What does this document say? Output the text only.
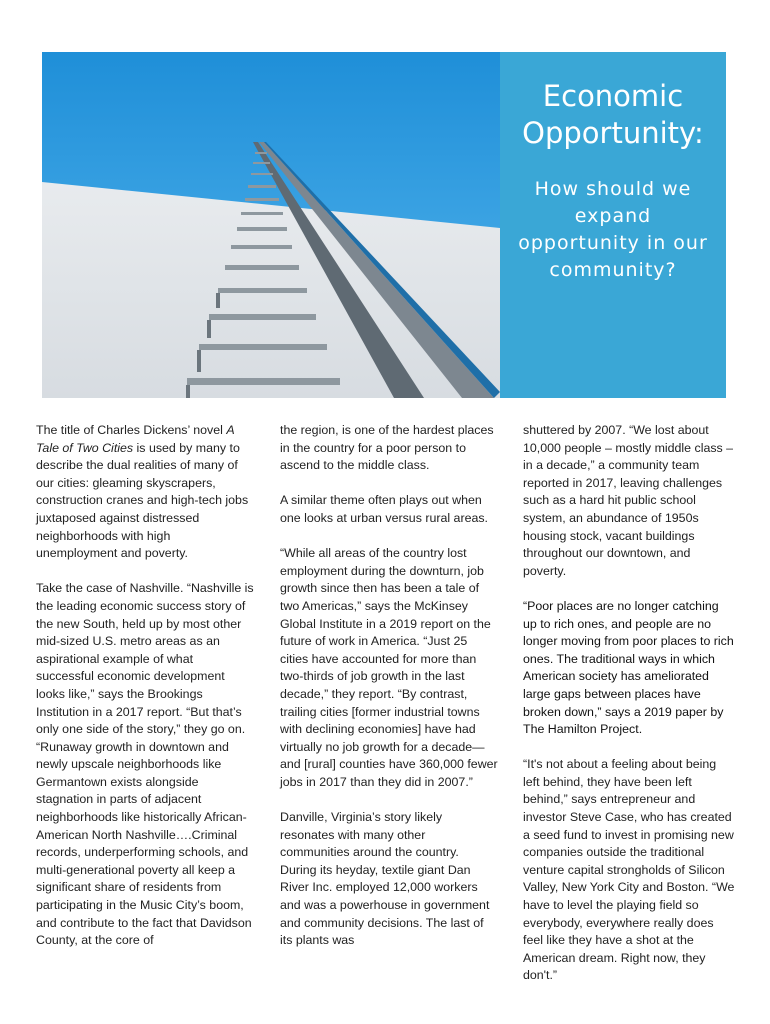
Economic Opportunity:

How should we expand opportunity in our community?

The title of Charles Dickens’ novel A Tale of Two Cities is used by many to describe the dual realities of many of our cities: gleaming skyscrapers, construction cranes and high-tech jobs juxtaposed against distressed neighborhoods with high unemployment and poverty.

Take the case of Nashville. “Nashville is the leading economic success story of the new South, held up by most other mid-sized U.S. metro areas as an aspirational example of what successful economic development looks like,” says the Brookings Institution in a 2017 report. “But that’s only one side of the story,” they go on. “Runaway growth in downtown and newly upscale neighborhoods like Germantown exists alongside stagnation in parts of adjacent neighborhoods like historically African-American North Nashville….Criminal records, underperforming schools, and multi-generational poverty all keep a significant share of residents from participating in the Music City’s boom, and contribute to the fact that Davidson County, at the core of

the region, is one of the hardest places in the country for a poor person to ascend to the middle class.

A similar theme often plays out when one looks at urban versus rural areas.

“While all areas of the country lost employment during the downturn, job growth since then has been a tale of two Americas,” says the McKinsey Global Institute in a 2019 report on the future of work in America. “Just 25 cities have accounted for more than two-thirds of job growth in the last decade,” they report. “By contrast, trailing cities [former industrial towns with declining economies] have had virtually no job growth for a decade—and [rural] counties have 360,000 fewer jobs in 2017 than they did in 2007.”

Danville, Virginia’s story likely resonates with many other communities around the country. During its heyday, textile giant Dan River Inc. employed 12,000 workers and was a powerhouse in government and community decisions. The last of its plants was

shuttered by 2007. “We lost about 10,000 people – mostly middle class – in a decade,” a community team reported in 2017, leaving challenges such as a hard hit public school system, an abundance of 1950s housing stock, vacant buildings throughout our downtown, and poverty.

“Poor places are no longer catching up to rich ones, and people are no longer moving from poor places to rich ones. The traditional ways in which American society has ameliorated large gaps between places have broken down,” says a 2019 paper by The Hamilton Project.

“It's not about a feeling about being left behind, they have been left behind,” says entrepreneur and investor Steve Case, who has created a seed fund to invest in promising new companies outside the traditional venture capital strongholds of Silicon Valley, New York City and Boston. “We have to level the playing field so everybody, everywhere really does feel like they have a shot at the American dream. Right now, they don't.”
